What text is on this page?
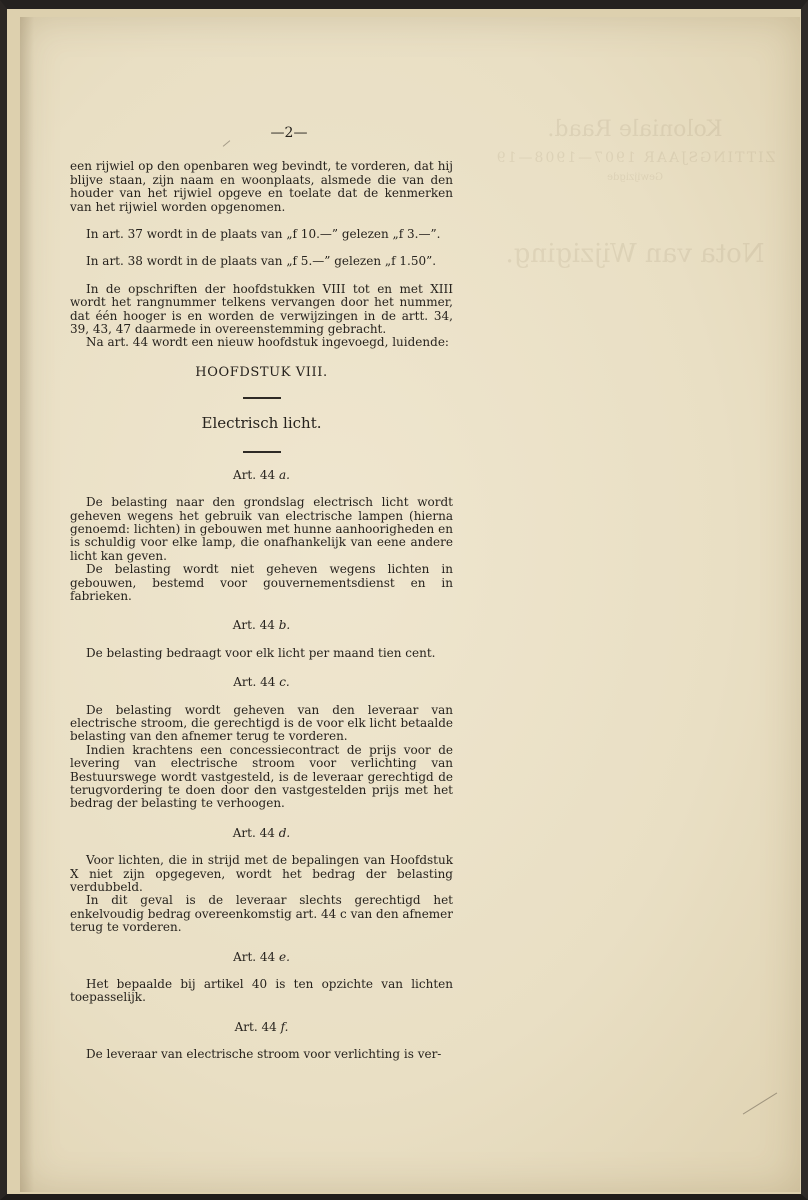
Koloniale Raad.
ZITTINGSJAAR 1907—1908—19
Gewijzigde
Nota van Wijziging.
—2—

een rijwiel op den openbaren weg bevindt, te vorderen, dat hij blijve staan, zijn naam en woonplaats, alsmede die van den houder van het rijwiel opgeve en toelate dat de kenmerken van het rijwiel worden opgenomen.

In art. 37 wordt in de plaats van „f 10.—” gelezen „f 3.—”.

In art. 38 wordt in de plaats van „f 5.—” gelezen „f 1.50”.

In de opschriften der hoofdstukken VIII tot en met XIII wordt het rangnummer telkens vervangen door het nummer, dat één hooger is en worden de verwijzingen in de artt. 34, 39, 43, 47 daarmede in overeenstemming gebracht.

Na art. 44 wordt een nieuw hoofdstuk ingevoegd, luidende:

HOOFDSTUK VIII.
Electrisch licht.
Art. 44 a.

De belasting naar den grondslag electrisch licht wordt geheven wegens het gebruik van electrische lampen (hierna genoemd: lichten) in gebouwen met hunne aanhoorigheden en is schuldig voor elke lamp, die onafhankelijk van eene andere licht kan geven.

De belasting wordt niet geheven wegens lichten in gebouwen, bestemd voor gouvernementsdienst en in fabrieken.

Art. 44 b.

De belasting bedraagt voor elk licht per maand tien cent.

Art. 44 c.

De belasting wordt geheven van den leveraar van electrische stroom, die gerechtigd is de voor elk licht betaalde belasting van den afnemer terug te vorderen.

Indien krachtens een concessiecontract de prijs voor de levering van electrische stroom voor verlichting van Bestuurswege wordt vastgesteld, is de leveraar gerechtigd de terugvordering te doen door den vastgestelden prijs met het bedrag der belasting te verhoogen.

Art. 44 d.

Voor lichten, die in strijd met de bepalingen van Hoofdstuk X niet zijn opgegeven, wordt het bedrag der belasting verdubbeld.

In dit geval is de leveraar slechts gerechtigd het enkelvoudig bedrag overeenkomstig art. 44 c van den afnemer terug te vorderen.

Art. 44 e.

Het bepaalde bij artikel 40 is ten opzichte van lichten toepasselijk.

Art. 44 f.

De leveraar van electrische stroom voor verlichting is ver-
